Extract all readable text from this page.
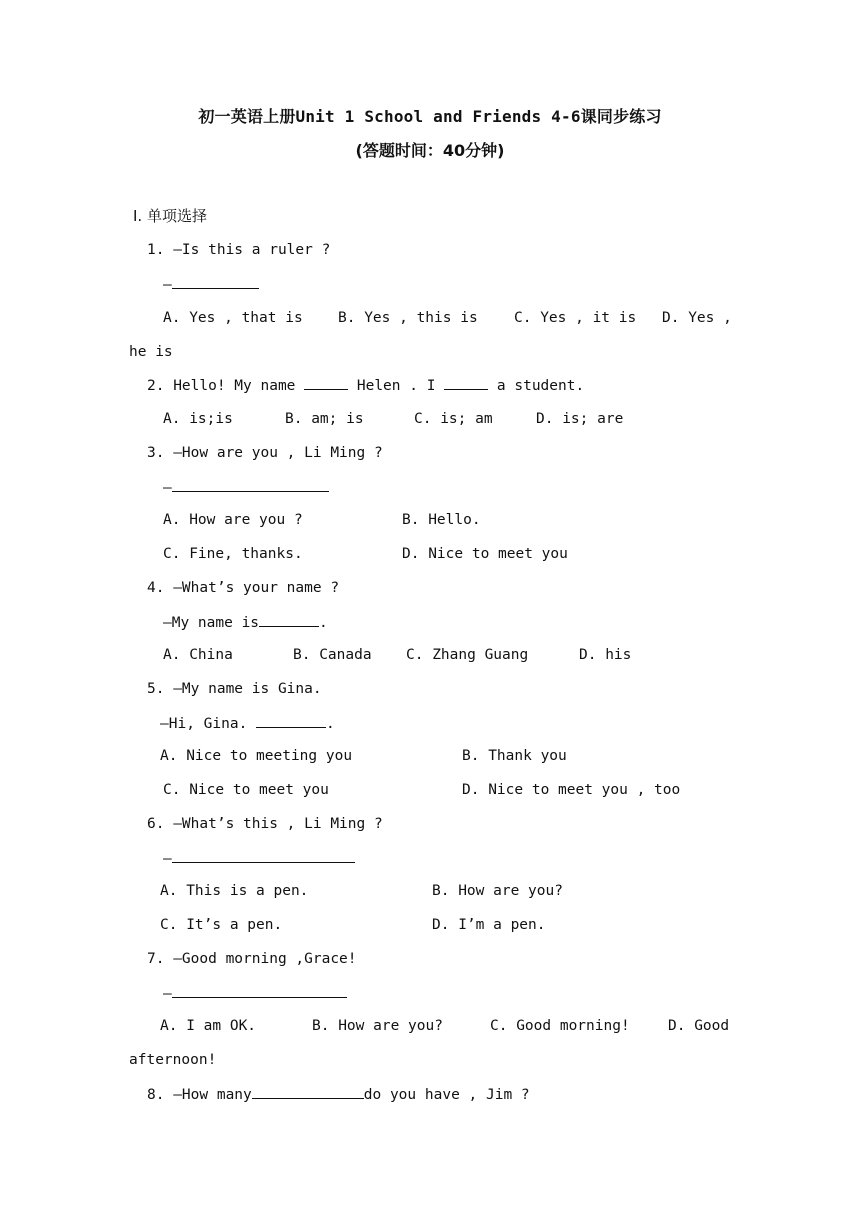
初一英语上册Unit 1 School and Friends 4-6课同步练习
(答题时间：40分钟)
Ⅰ. 单项选择
1. —Is this a ruler ?
—
A. Yes , that is B. Yes , this is	C. Yes , it is D. Yes ,
he is
2. Hello! My name	Helen . I	a student.
A. is;is	B. am; is	C. is; am	D. is; are
3. —How are you , Li Ming ?
—
A. How are you ?	B. Hello.
C. Fine, thanks.	D. Nice to meet you
4. —What’s your name ?
—My name is	.
A. China	B. Canada C. Zhang Guang	D. his
5. —My name is Gina.
—Hi, Gina.	.
A. Nice to meeting you	B. Thank you
C. Nice to meet you	D. Nice to meet you , too
6. —What’s this , Li Ming ?
—
A. This is a pen.	B. How are you?
C. It’s a pen.	D. I’m a pen.
7. —Good morning ,Grace!
—
A. I am OK.	B. How are you?	C. Good morning!	D. Good
afternoon!
8. —How many	do you have , Jim ?
